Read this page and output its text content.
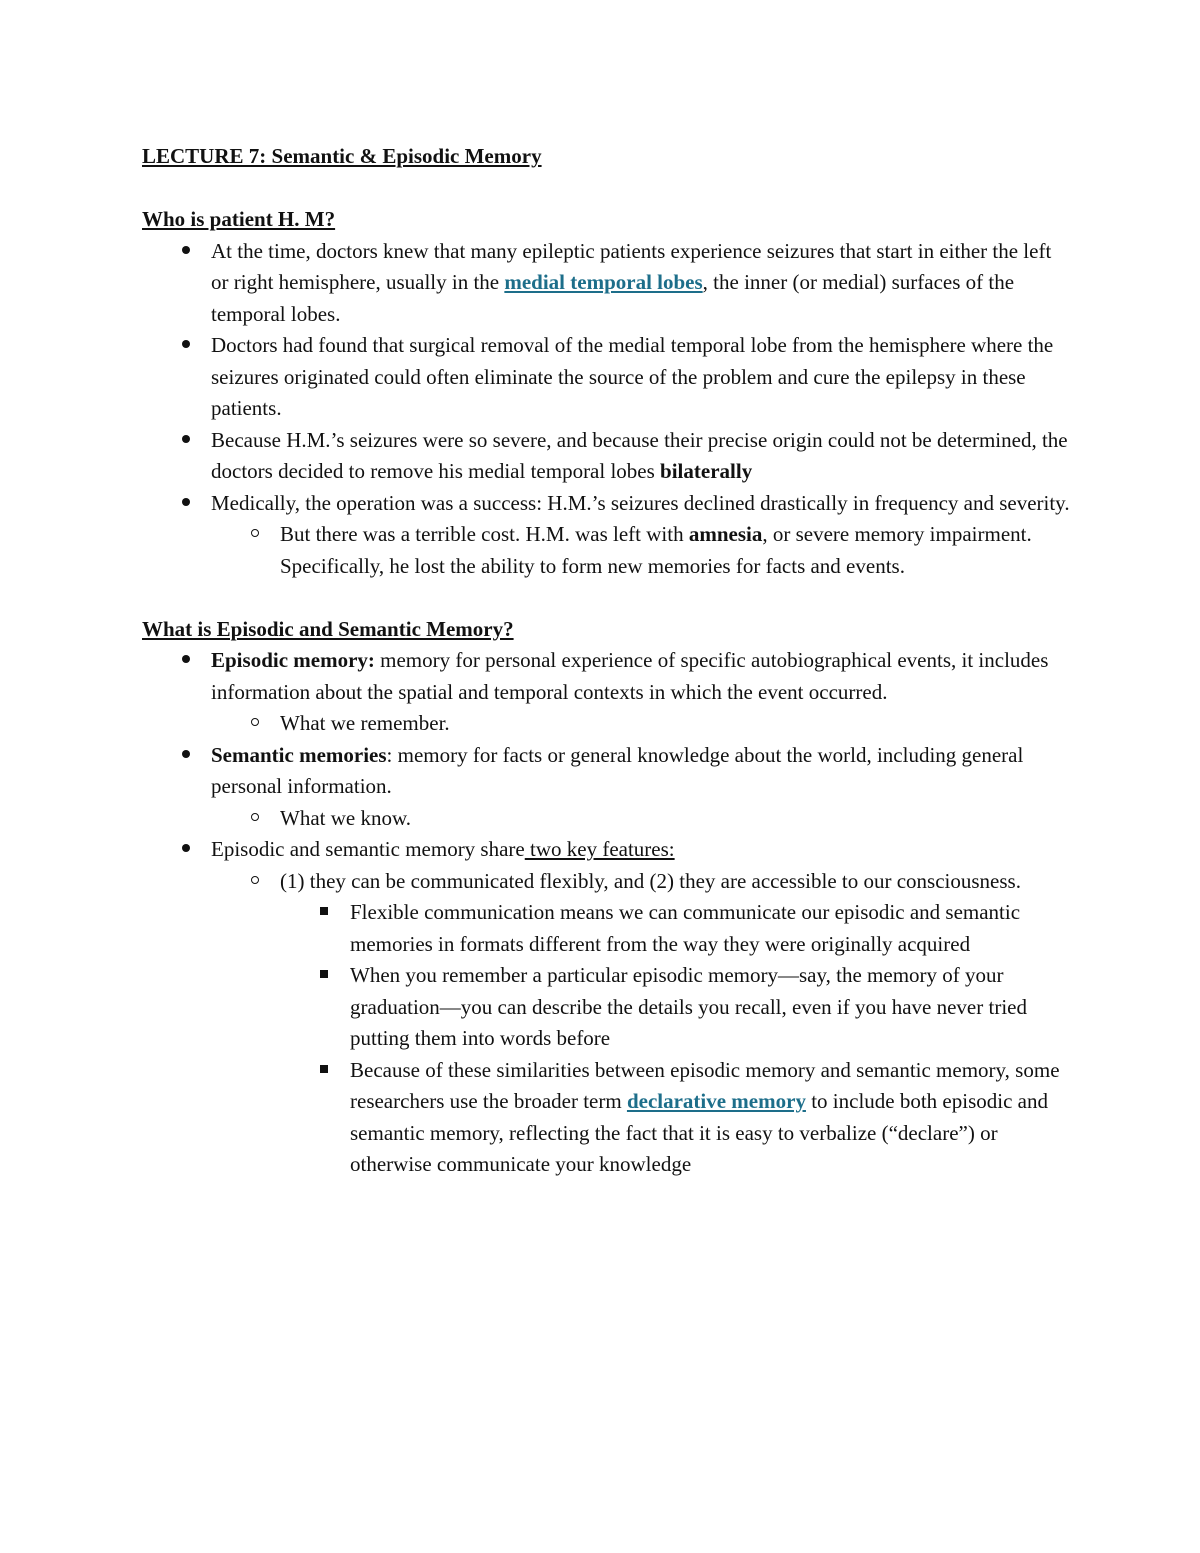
LECTURE 7: Semantic & Episodic Memory

Who is patient H. M?

At the time, doctors knew that many epileptic patients experience seizures that start in either the left or right hemisphere, usually in the medial temporal lobes, the inner (or medial) surfaces of the temporal lobes.
Doctors had found that surgical removal of the medial temporal lobe from the hemisphere where the seizures originated could often eliminate the source of the problem and cure the epilepsy in these patients.
Because H.M.’s seizures were so severe, and because their precise origin could not be determined, the doctors decided to remove his medial temporal lobes bilaterally
Medically, the operation was a success: H.M.’s seizures declined drastically in frequency and severity.
But there was a terrible cost. H.M. was left with amnesia, or severe memory impairment. Specifically, he lost the ability to form new memories for facts and events.

What is Episodic and Semantic Memory?

Episodic memory: memory for personal experience of specific autobiographical events, it includes information about the spatial and temporal contexts in which the event occurred.
What we remember.
Semantic memories: memory for facts or general knowledge about the world, including general personal information.
What we know.
Episodic and semantic memory share two key features:
(1) they can be communicated flexibly, and (2) they are accessible to our consciousness.
Flexible communication means we can communicate our episodic and semantic memories in formats different from the way they were originally acquired
When you remember a particular episodic memory—say, the memory of your graduation—you can describe the details you recall, even if you have never tried putting them into words before
Because of these similarities between episodic memory and semantic memory, some researchers use the broader term declarative memory to include both episodic and semantic memory, reflecting the fact that it is easy to verbalize (“declare”) or otherwise communicate your knowledge
